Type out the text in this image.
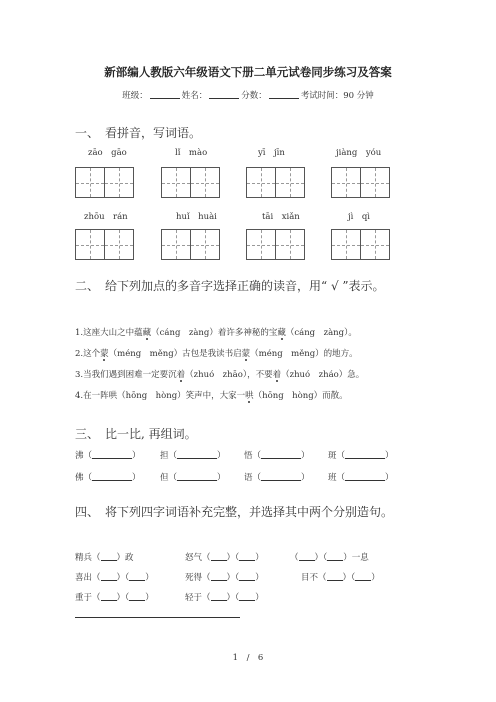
新部编人教版六年级语文下册二单元试卷同步练习及答案
班级：	姓名：	分数：	考试时间：90 分钟
一、　看拼音，写词语。
zāo　gāo	lǐ　mào	yī　jīn	jiàng　yóu
zhōu　rán	huǐ　huài	tāi　xiǎn	jì　qì
二、　给下列加点的多音字选择正确的读音，用“ √ ”表示。
1.这座大山之中蕴藏（cáng　zàng）着许多神秘的宝藏（cáng　zàng）。
2.这个蒙（méng　měng）古包是我读书启蒙（méng　měng）的地方。
3.当我们遇到困难一定要沉着（zhuó　zhāo），不要着（zhuó　zháo）急。
4.在一阵哄（hōng　hòng）笑声中，大家一哄（hōng　hòng）而散。
三、　比一比, 再组词。
沸（	） 担（	） 悟（	） 斑（	）
佛（	） 但（	） 语（	） 班（	）
四、　将下列四字词语补充完整，并选择其中两个分别造句。
精兵（ ）政	怒气（ ）（ ）	（ ）（ ）一息
喜出（ ）（ ）	死得（ ）（ ）	目不（ ）（ ）
重于（ ）（ ）	轻于（ ）（ ）
1　/　6
